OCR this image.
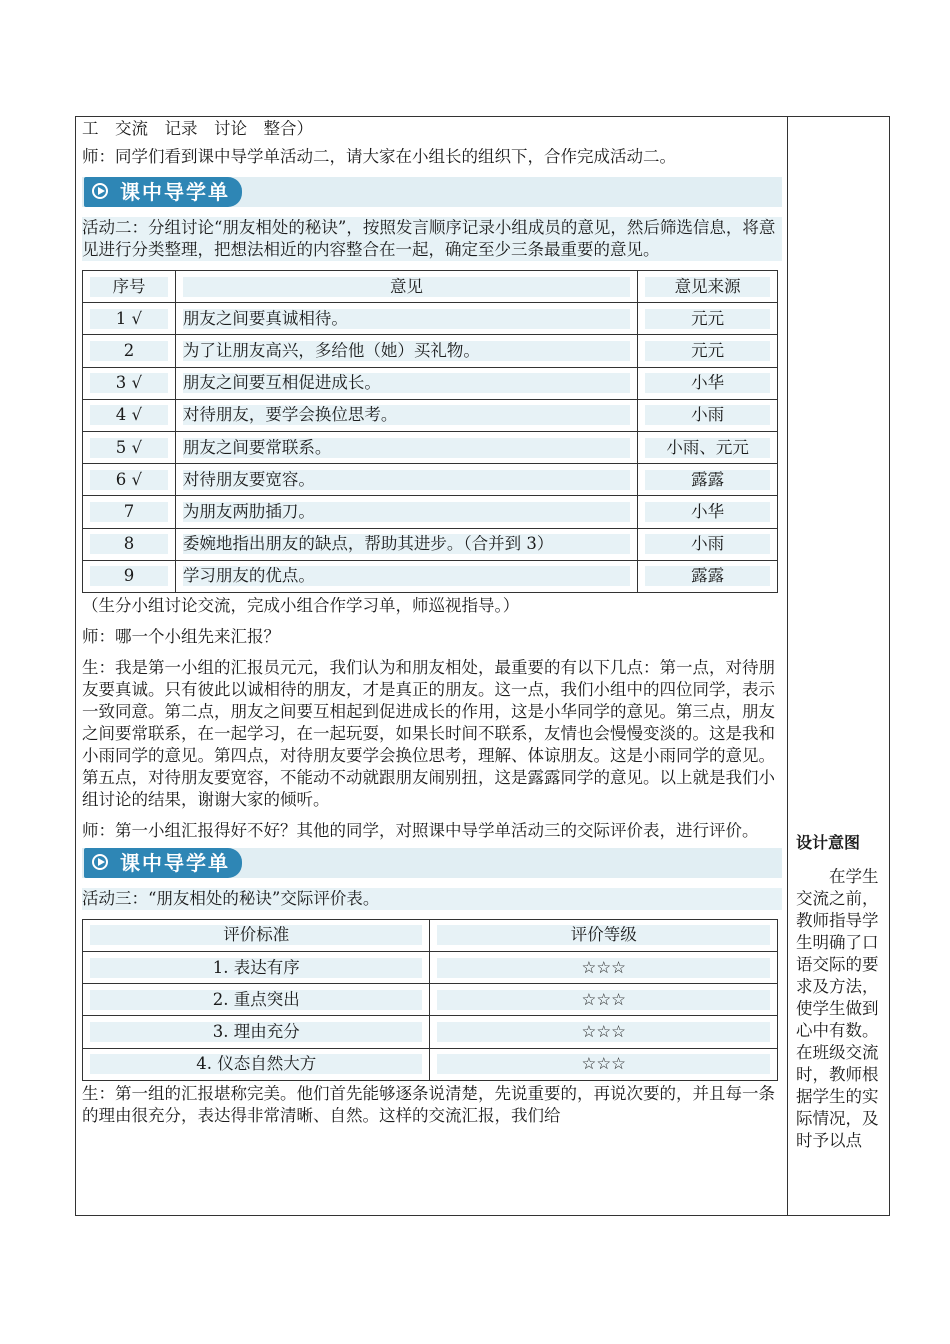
工　交流　记录　讨论　整合）

师：同学们看到课中导学单活动二，请大家在小组长的组织下，合作完成活动二。

课中导学单

活动二：分组讨论“朋友相处的秘诀”，按照发言顺序记录小组成员的意见，然后筛选信息，将意见进行分类整理，把想法相近的内容整合在一起，确定至少三条最重要的意见。

序号	意见	意见来源

1 √	朋友之间要真诚相待。	元元

2	为了让朋友高兴，多给他（她）买礼物。	元元

3 √	朋友之间要互相促进成长。	小华

4 √	对待朋友，要学会换位思考。	小雨

5 √	朋友之间要常联系。	小雨、元元

6 √	对待朋友要宽容。	露露

7	为朋友两肋插刀。	小华

8	委婉地指出朋友的缺点，帮助其进步。（合并到 3）	小雨

9	学习朋友的优点。	露露

（生分小组讨论交流，完成小组合作学习单，师巡视指导。）

师：哪一个小组先来汇报？

生：我是第一小组的汇报员元元，我们认为和朋友相处，最重要的有以下几点：第一点，对待朋友要真诚。只有彼此以诚相待的朋友，才是真正的朋友。这一点，我们小组中的四位同学，表示一致同意。第二点，朋友之间要互相起到促进成长的作用，这是小华同学的意见。第三点，朋友之间要常联系，在一起学习，在一起玩耍，如果长时间不联系，友情也会慢慢变淡的。这是我和小雨同学的意见。第四点，对待朋友要学会换位思考，理解、体谅朋友。这是小雨同学的意见。第五点，对待朋友要宽容，不能动不动就跟朋友闹别扭，这是露露同学的意见。以上就是我们小组讨论的结果，谢谢大家的倾听。

师：第一小组汇报得好不好？其他的同学，对照课中导学单活动三的交际评价表，进行评价。

课中导学单

活动三：“朋友相处的秘诀”交际评价表。

评价标准	评价等级

1. 表达有序	☆☆☆

2. 重点突出	☆☆☆

3. 理由充分	☆☆☆

4. 仪态自然大方	☆☆☆

生：第一组的汇报堪称完美。他们首先能够逐条说清楚，先说重要的，再说次要的，并且每一条的理由很充分，表达得非常清晰、自然。这样的交流汇报，我们给

设计意图
在学生交流之前，教师指导学生明确了口语交际的要求及方法，使学生做到心中有数。在班级交流时，教师根据学生的实际情况，及时予以点
